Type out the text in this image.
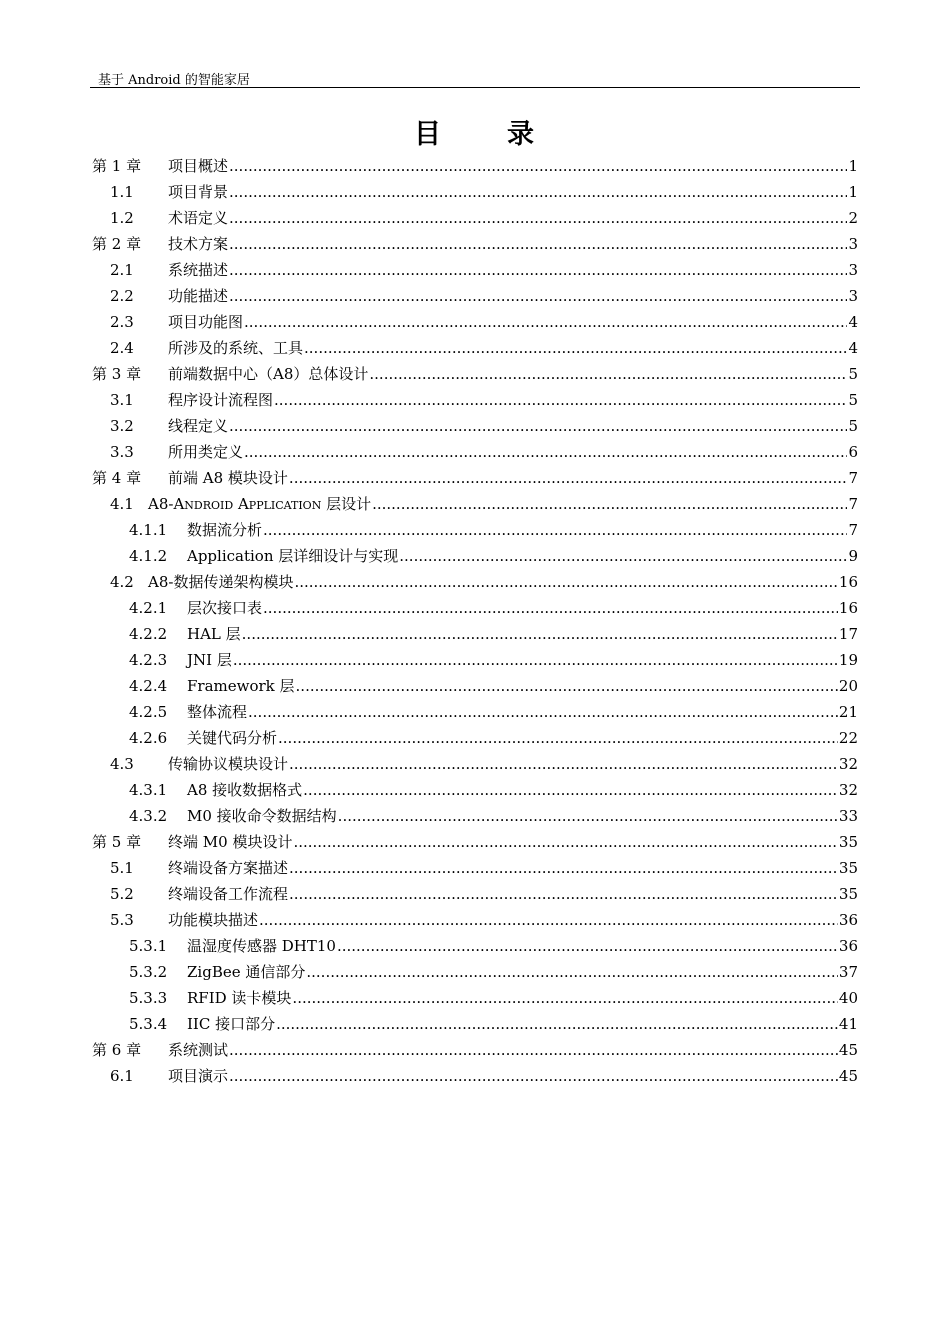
基于 Android 的智能家居
目 录
第 1 章	项目概述 .....	1
1.1	项目背景 .....	1
1.2	术语定义 .....	2
第 2 章	技术方案 .....	3
2.1	系统描述 .....	3
2.2	功能描述 .....	3
2.3	项目功能图 .....	4
2.4	所涉及的系统、工具 .....	4
第 3 章	前端数据中心（A8）总体设计 .....	5
3.1	程序设计流程图 .....	5
3.2	线程定义 .....	5
3.3	所用类定义 .....	6
第 4 章	前端 A8 模块设计 .....	7
4.1 A8-Android Application 层设计 .....	7
4.1.1	数据流分析 .....	7
4.1.2	Application 层详细设计与实现 .....	9
4.2 A8-数据传递架构模块 .....	16
4.2.1	层次接口表 .....	16
4.2.2	HAL 层 .....	17
4.2.3	JNI 层 .....	19
4.2.4	Framework 层 .....	20
4.2.5	整体流程 .....	21
4.2.6	关键代码分析 .....	22
4.3	传输协议模块设计 .....	32
4.3.1	A8 接收数据格式 .....	32
4.3.2	M0 接收命令数据结构 .....	33
第 5 章	终端 M0 模块设计 .....	35
5.1	终端设备方案描述 .....	35
5.2	终端设备工作流程 .....	35
5.3	功能模块描述 .....	36
5.3.1	温湿度传感器 DHT10 .....	36
5.3.2	ZigBee 通信部分 .....	37
5.3.3	RFID 读卡模块 .....	40
5.3.4	IIC 接口部分 .....	41
第 6 章	系统测试 .....	45
6.1	项目演示 .....	45
